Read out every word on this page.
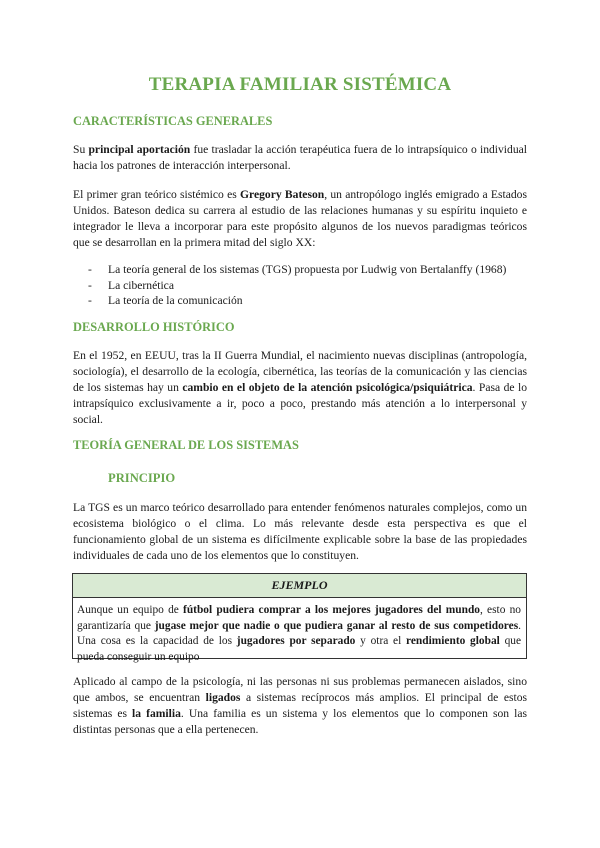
TERAPIA FAMILIAR SISTÉMICA
CARACTERÍSTICAS GENERALES
Su principal aportación fue trasladar la acción terapéutica fuera de lo intrapsíquico o individual hacia los patrones de interacción interpersonal.
El primer gran teórico sistémico es Gregory Bateson, un antropólogo inglés emigrado a Estados Unidos. Bateson dedica su carrera al estudio de las relaciones humanas y su espíritu inquieto e integrador le lleva a incorporar para este propósito algunos de los nuevos paradigmas teóricos que se desarrollan en la primera mitad del siglo XX:
- La teoría general de los sistemas (TGS) propuesta por Ludwig von Bertalanffy (1968)
- La cibernética
- La teoría de la comunicación
DESARROLLO HISTÓRICO
En el 1952, en EEUU, tras la II Guerra Mundial, el nacimiento nuevas disciplinas (antropología, sociología), el desarrollo de la ecología, cibernética, las teorías de la comunicación y las ciencias de los sistemas hay un cambio en el objeto de la atención psicológica/psiquiátrica. Pasa de lo intrapsíquico exclusivamente a ir, poco a poco, prestando más atención a lo interpersonal y social.
TEORÍA GENERAL DE LOS SISTEMAS
PRINCIPIO
La TGS es un marco teórico desarrollado para entender fenómenos naturales complejos, como un ecosistema biológico o el clima. Lo más relevante desde esta perspectiva es que el funcionamiento global de un sistema es difícilmente explicable sobre la base de las propiedades individuales de cada uno de los elementos que lo constituyen.
EJEMPLO
Aunque un equipo de fútbol pudiera comprar a los mejores jugadores del mundo, esto no garantizaría que jugase mejor que nadie o que pudiera ganar al resto de sus competidores. Una cosa es la capacidad de los jugadores por separado y otra el rendimiento global que pueda conseguir un equipo
Aplicado al campo de la psicología, ni las personas ni sus problemas permanecen aislados, sino que ambos, se encuentran ligados a sistemas recíprocos más amplios. El principal de estos sistemas es la familia. Una familia es un sistema y los elementos que lo componen son las distintas personas que a ella pertenecen.
